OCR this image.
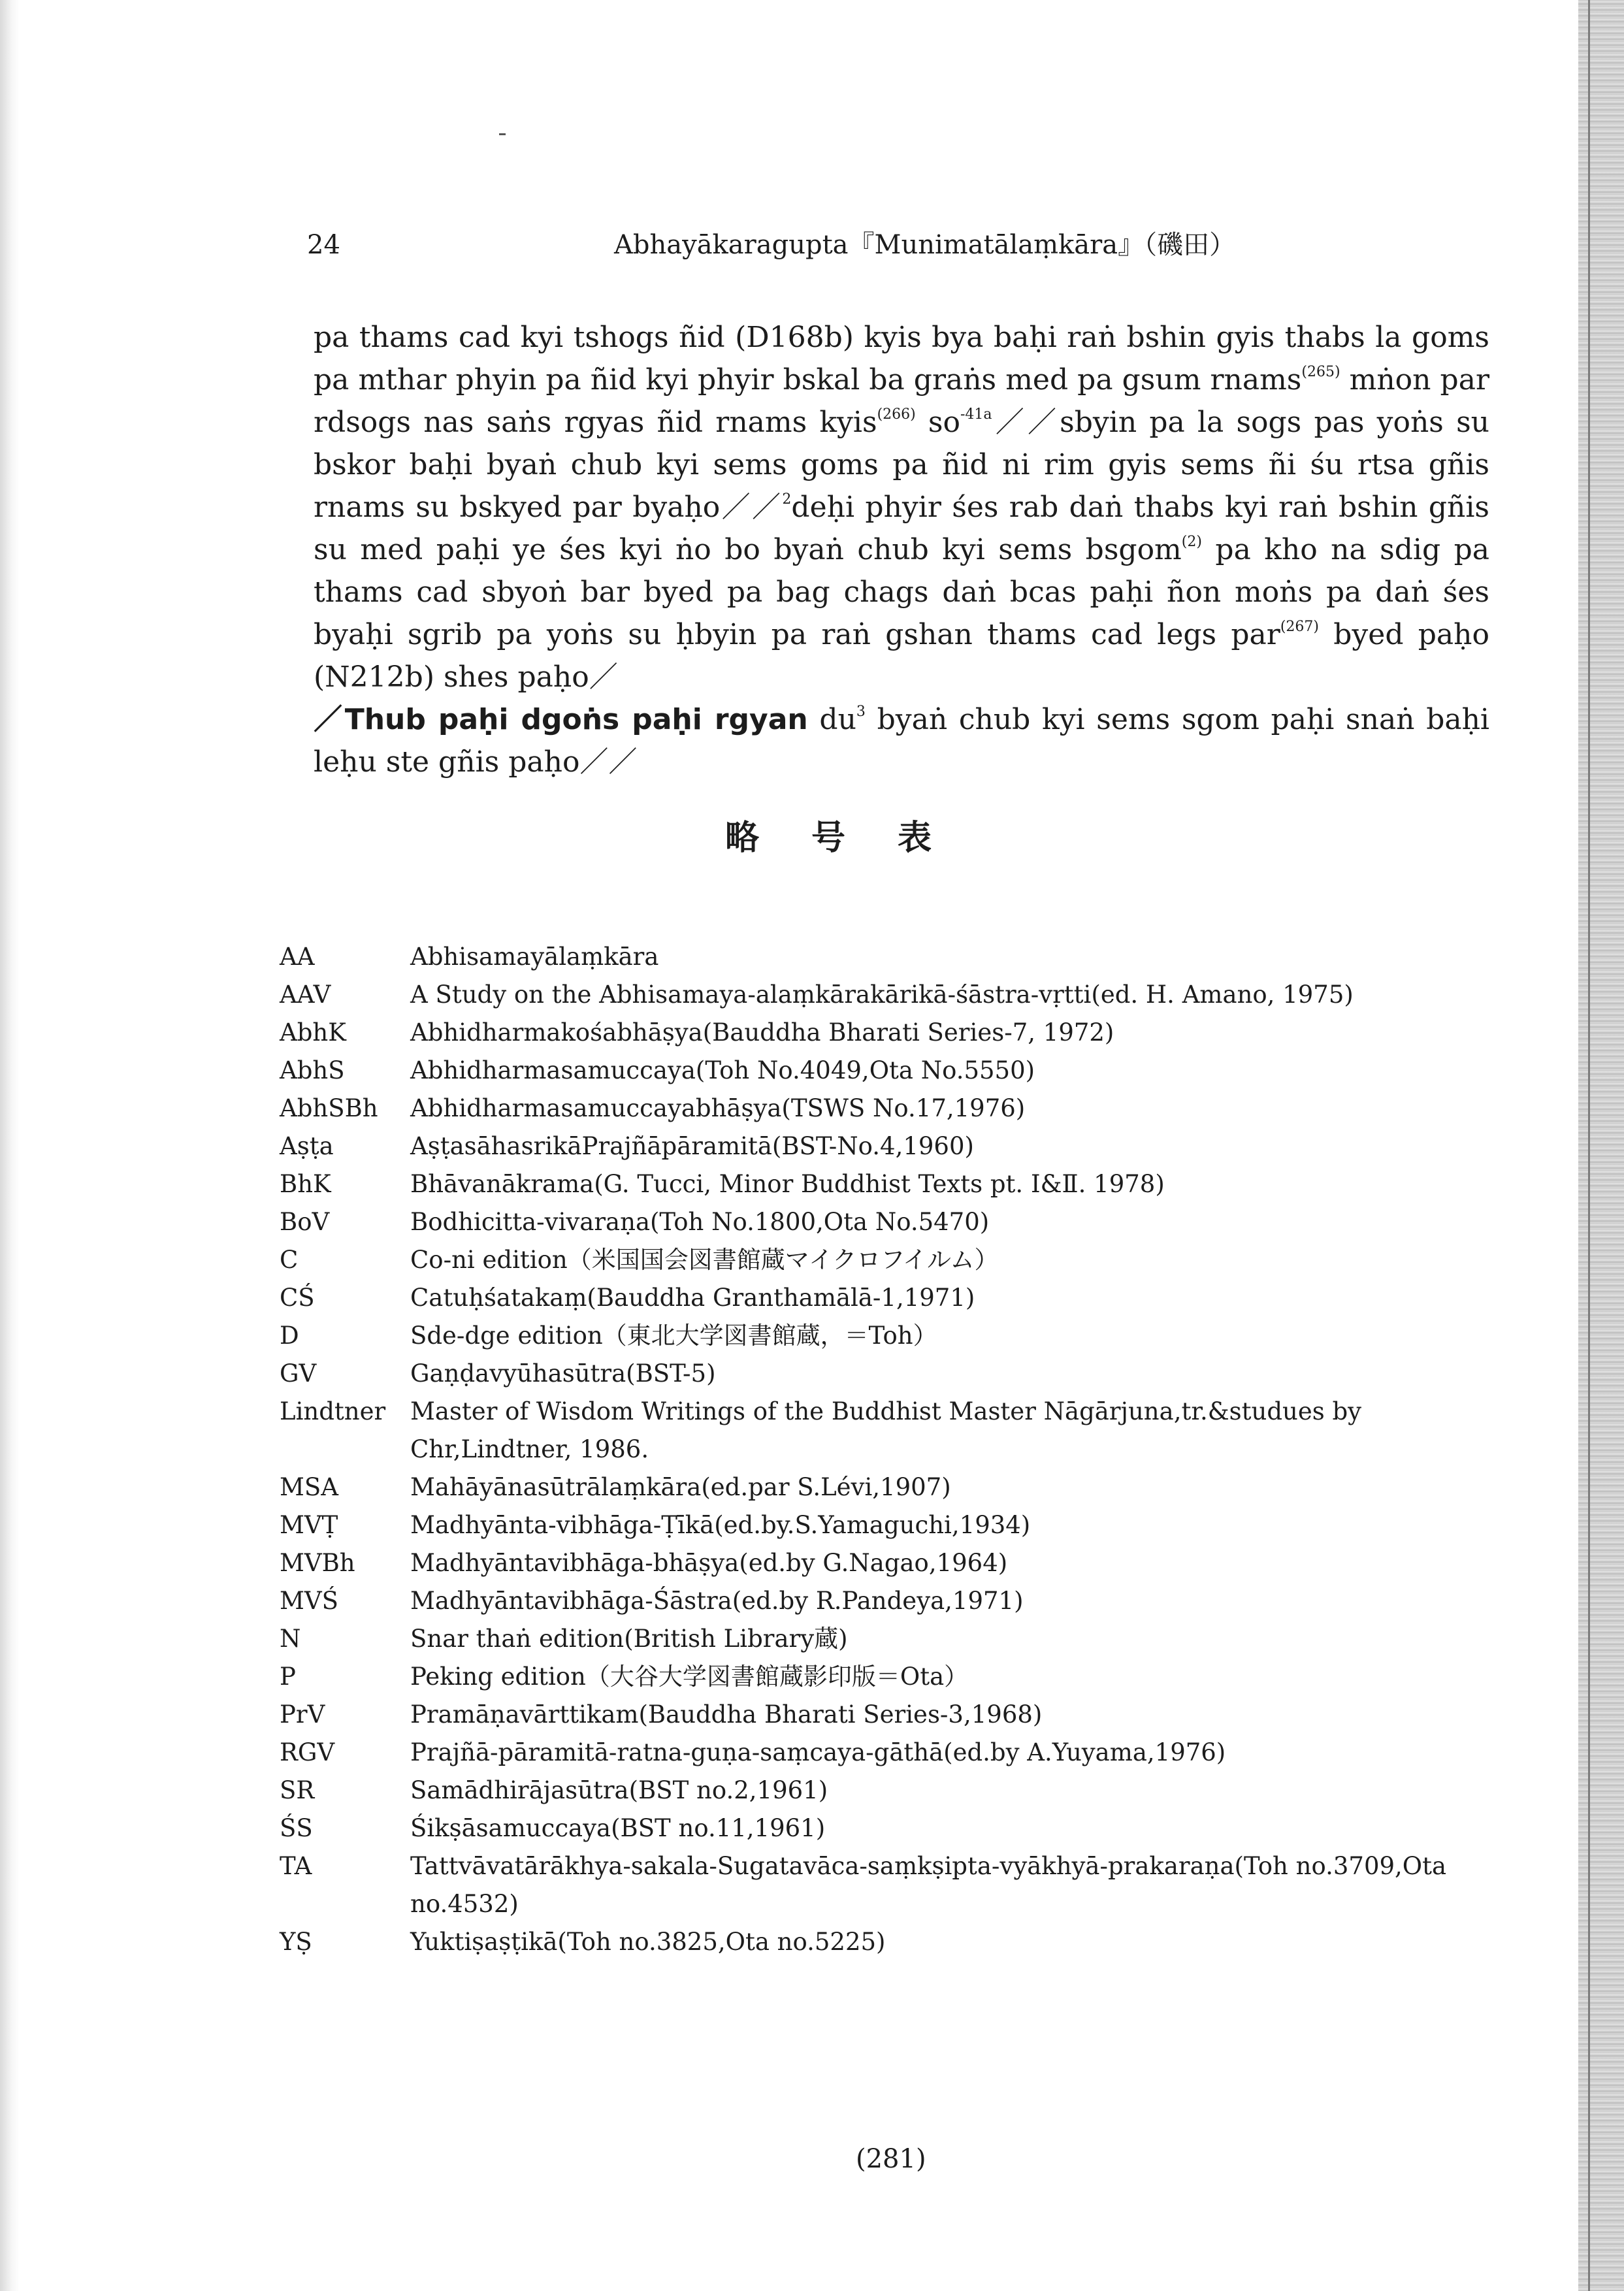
24	Abhayākaragupta『Munimatālaṃkāra』（磯田）

pa thams cad kyi tshogs ñid (D168b) kyis bya baḥi raṅ bshin gyis thabs la goms pa mthar phyin pa ñid kyi phyir bskal ba graṅs med pa gsum rnams$^{(265)}$ mṅon par rdsogs nas saṅs rgyas ñid rnams kyis$^{(266)}$ $so^{-41a}//sbyin$ pa la sogs pas yoṅs su bskor baḥi byaṅ chub kyi sems goms pa ñid ni rim gyis sems ñi śu rtsa gñis rnams su bskyed par byaḥo／／$^2$deḥi phyir śes rab daṅ thabs kyi raṅ bshin gñis su med paḥi ye śes kyi ṅo bo byaṅ chub kyi sems bsgom$^{(2)}$ pa kho na sdig pa thams cad sbyoṅ bar byed pa bag chags daṅ bcas paḥi ñon moṅs pa daṅ śes byaḥi sgrib pa yoṅs su ḥbyin pa raṅ gshan thams cad legs par$^{(267)}$ byed paḥo (N212b) shes paḥo／
／Thub paḥi dgoṅs paḥi rgyan $du^3$ byaṅ chub kyi sems sgom paḥi snaṅ baḥi leḥu ste gñis paḥo／／

略号表
AA	Abhisamayālaṃkāra
AAV	A Study on the Abhisamaya-alaṃkārakārikā-śāstra-vṛtti(ed. H. Amano, 1975)
AbhK	Abhidharmakośabhāṣya(Bauddha Bharati Series-7, 1972)
AbhS	Abhidharmasamuccaya(Toh No.4049,Ota No.5550)
AbhSBh	Abhidharmasamuccayabhāṣya(TSWS No.17,1976)
Aṣṭa	AṣṭasāhasrikāPrajñāpāramitā(BST-No.4,1960)
BhK	Bhāvanākrama(G. Tucci, Minor Buddhist Texts pt. Ⅰ&Ⅱ. 1978)
BoV	Bodhicitta-vivaraṇa(Toh No.1800,Ota No.5470)
C	Co-ni edition（米国国会図書館蔵マイクロフイルム）
CŚ	Catuḥśatakaṃ(Bauddha Granthamālā-1,1971)
D	Sde-dge edition（東北大学図書館蔵，＝Toh）
GV	Gaṇḍavyūhasūtra(BST-5)
Lindtner	Master of Wisdom Writings of the Buddhist Master Nāgārjuna,tr.&studues by Chr,Lindtner, 1986.
MSA	Mahāyānasūtrālaṃkāra(ed.par S.Lévi,1907)
MVṬ	Madhyānta-vibhāga-Ṭīkā(ed.by.S.Yamaguchi,1934)
MVBh	Madhyāntavibhāga-bhāṣya(ed.by G.Nagao,1964)
MVŚ	Madhyāntavibhāga-Śāstra(ed.by R.Pandeya,1971)
N	Snar thaṅ edition(British Library蔵)
P	Peking edition（大谷大学図書館蔵影印版＝Ota）
PrV	Pramāṇavārttikam(Bauddha Bharati Series-3,1968)
RGV	Prajñā-pāramitā-ratna-guṇa-saṃcaya-gāthā(ed.by A.Yuyama,1976)
SR	Samādhirājasūtra(BST no.2,1961)
ŚS	Śikṣāsamuccaya(BST no.11,1961)
TA	Tattvāvatārākhya-sakala-Sugatavāca-saṃkṣipta-vyākhyā-prakaraṇa(Toh no.3709,Ota no.4532)
YṢ	Yuktiṣaṣṭikā(Toh no.3825,Ota no.5225)
(281)
